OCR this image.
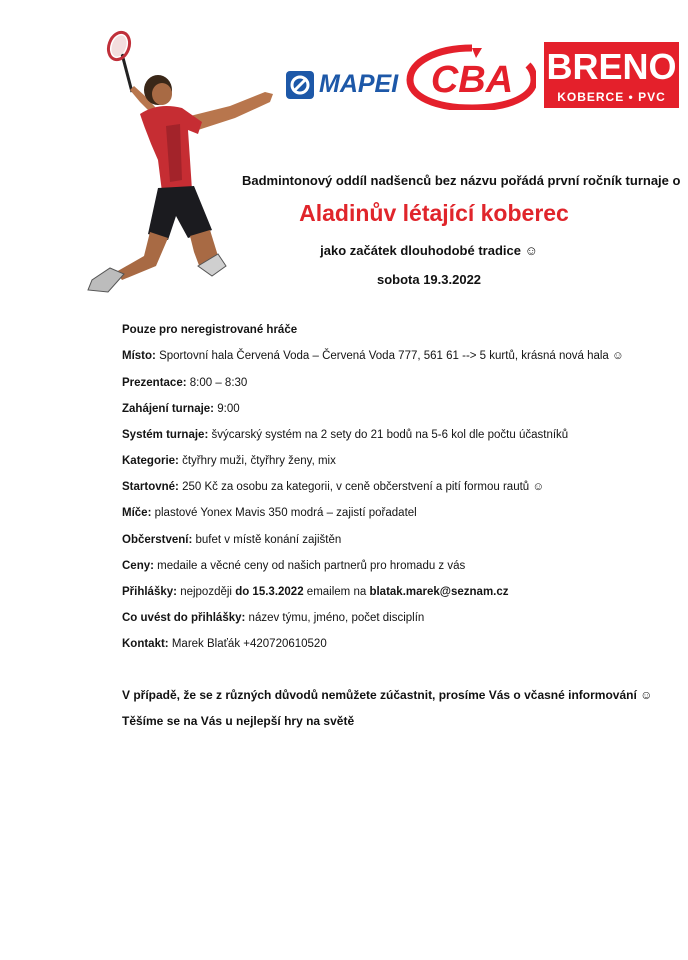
MAPEI CBA BRENO
KOBERCE • PVC
Badmintonový oddíl nadšenců bez názvu pořádá první ročník turnaje o
Aladinův létající koberec
jako začátek dlouhodobé tradice ☺
sobota 19.3.2022
Pouze pro neregistrované hráče
Místo: Sportovní hala Červená Voda – Červená Voda 777, 561 61 --> 5 kurtů, krásná nová hala ☺
Prezentace: 8:00 – 8:30
Zahájení turnaje: 9:00
Systém turnaje: švýcarský systém na 2 sety do 21 bodů na 5-6 kol dle počtu účastníků
Kategorie: čtyřhry muži, čtyřhry ženy, mix
Startovné: 250 Kč za osobu za kategorii, v ceně občerstvení a pití formou rautů ☺
Míče: plastové Yonex Mavis 350 modrá – zajistí pořadatel
Občerstvení: bufet v místě konání zajištěn
Ceny: medaile a věcné ceny od našich partnerů pro hromadu z vás
Přihlášky: nejpozději do 15.3.2022 emailem na blatak.marek@seznam.cz
Co uvést do přihlášky: název týmu, jméno, počet disciplín
Kontakt: Marek Blaťák +420720610520
V případě, že se z různých důvodů nemůžete zúčastnit, prosíme Vás o včasné informování ☺
Těšíme se na Vás u nejlepší hry na světě
